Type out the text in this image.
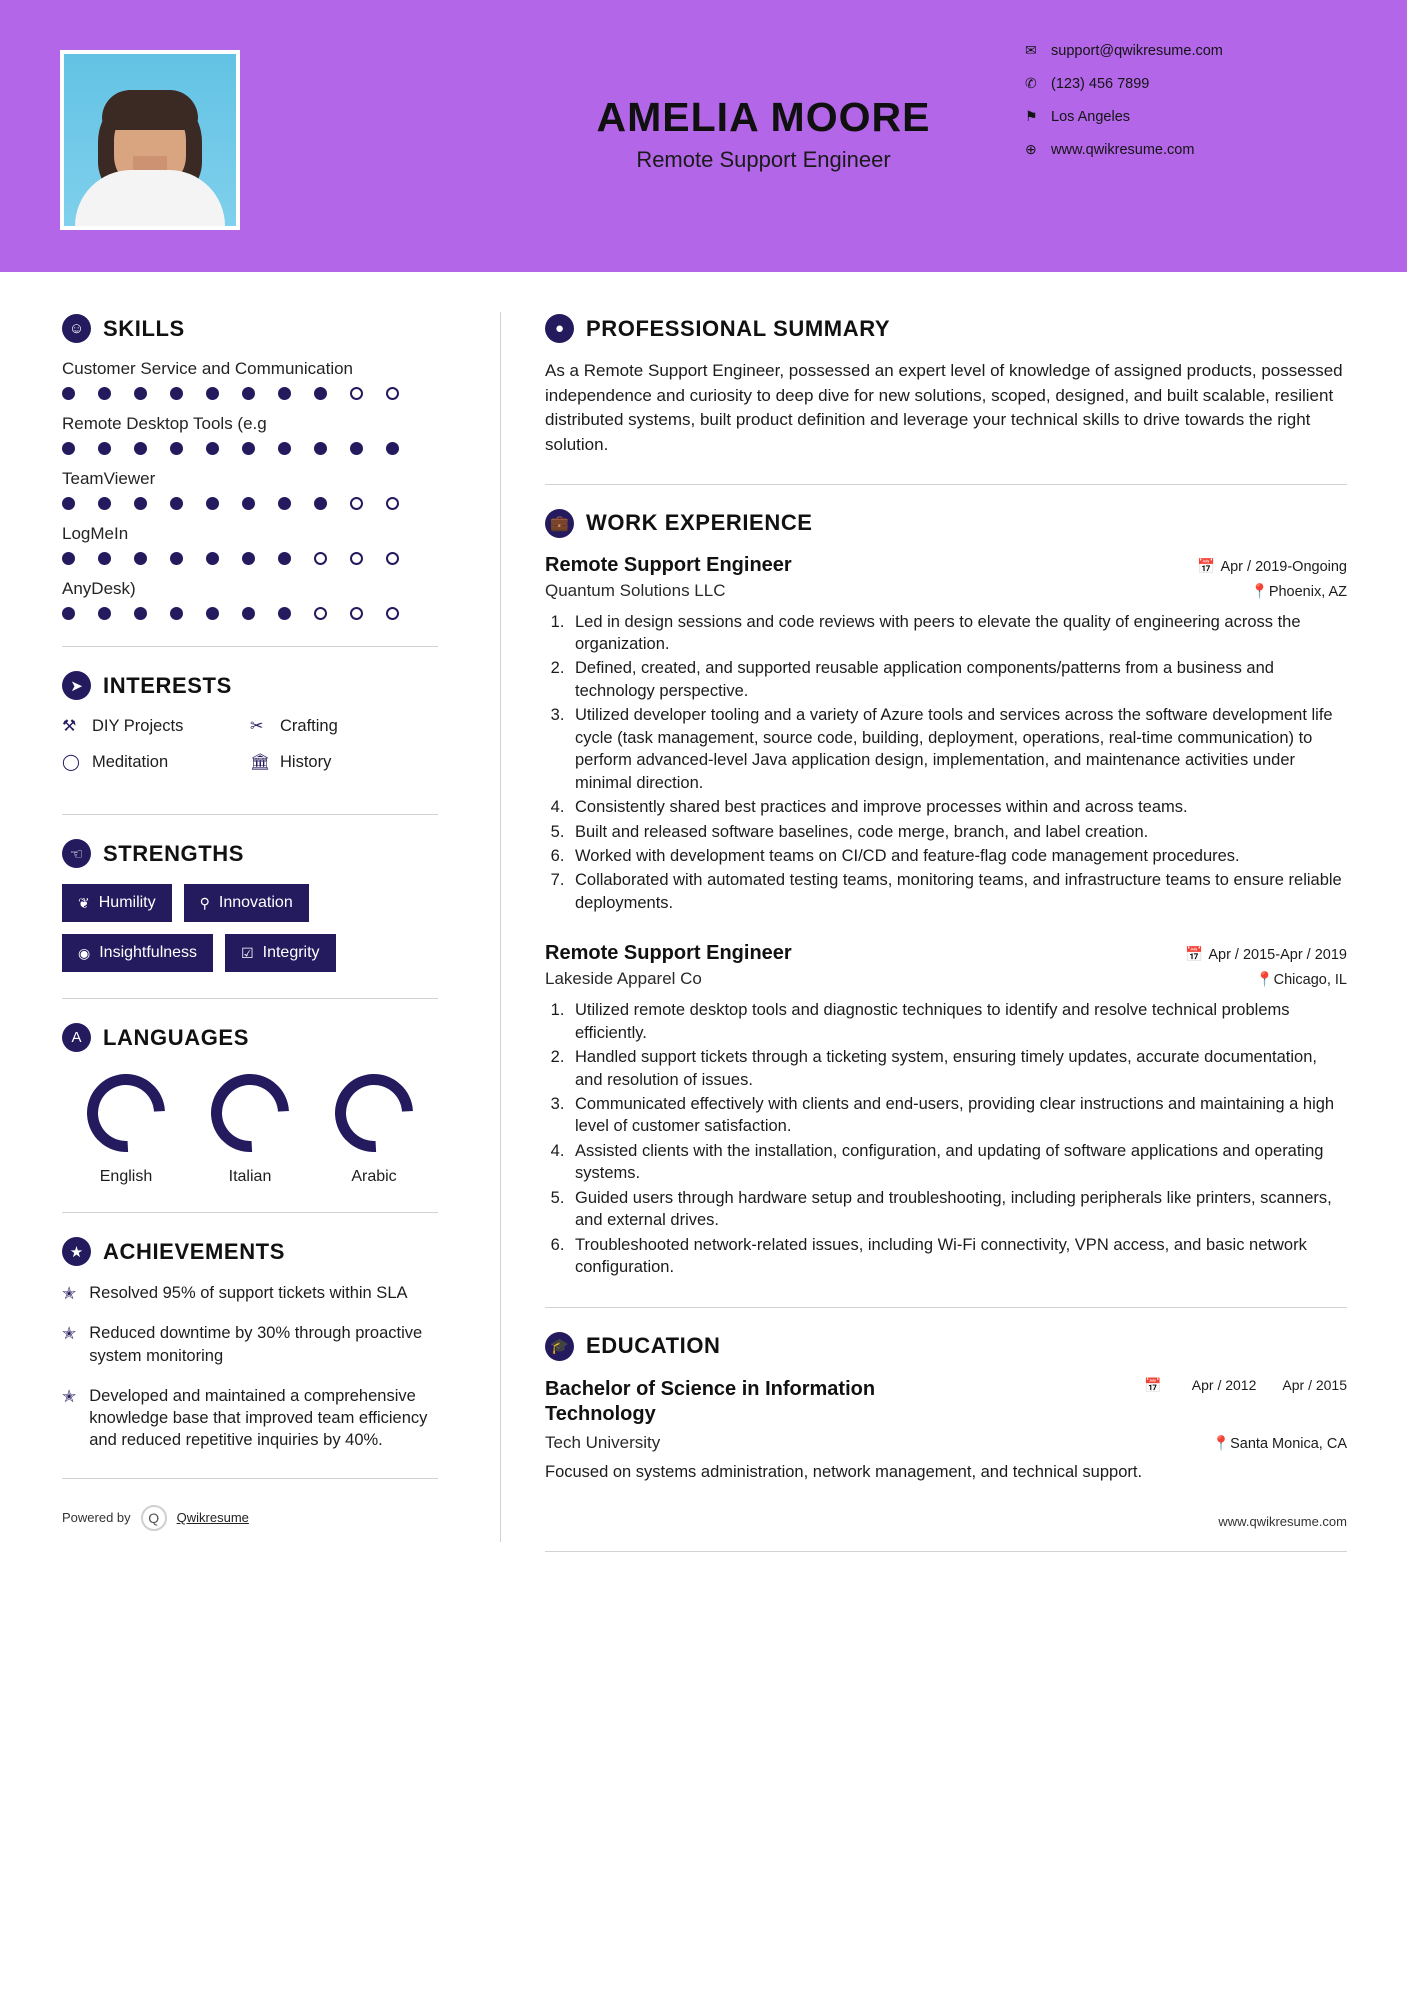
AMELIA MOORE
Remote Support Engineer
✉ support@qwikresume.com
✆ (123) 456 7899
⚑ Los Angeles
⊕ www.qwikresume.com
☺ SKILLS
Customer Service and Communication
Remote Desktop Tools (e.g
TeamViewer
LogMeIn
AnyDesk)
➤ INTERESTS
⚒ DIY Projects	✂	Crafting
◯ Meditation	🏛 History
☜ STRENGTHS
❦ Humility	⚲ Innovation
◉ Insightfulness	☑ Integrity
A LANGUAGES
English	Italian	Arabic
★ ACHIEVEMENTS
✭ Resolved 95% of support tickets within SLA
✭ Reduced downtime by 30% through proactive system monitoring
✭ Developed and maintained a comprehensive knowledge base that improved team efficiency and reduced repetitive inquiries by 40%.
Powered by	Q	Qwikresume
● PROFESSIONAL SUMMARY
As a Remote Support Engineer, possessed an expert level of knowledge of assigned products, possessed independence and curiosity to deep dive for new solutions, scoped, designed, and built scalable, resilient distributed systems, built product definition and leverage your technical skills to drive towards the right solution.
💼 WORK EXPERIENCE
Remote Support Engineer	📅 Apr / 2019-Ongoing
Quantum Solutions LLC	📍Phoenix, AZ
1. Led in design sessions and code reviews with peers to elevate the quality of engineering across the organization.
2. Defined, created, and supported reusable application components/patterns from a business and technology perspective.
3. Utilized developer tooling and a variety of Azure tools and services across the software development life cycle (task management, source code, building, deployment, operations, real-time communication) to perform advanced-level Java application design, implementation, and maintenance activities under minimal direction.
4. Consistently shared best practices and improve processes within and across teams.
5. Built and released software baselines, code merge, branch, and label creation.
6. Worked with development teams on CI/CD and feature-flag code management procedures.
7. Collaborated with automated testing teams, monitoring teams, and infrastructure teams to ensure reliable deployments.
Remote Support Engineer	📅 Apr / 2015-Apr / 2019
Lakeside Apparel Co	📍Chicago, IL
1. Utilized remote desktop tools and diagnostic techniques to identify and resolve technical problems efficiently.
2. Handled support tickets through a ticketing system, ensuring timely updates, accurate documentation, and resolution of issues.
3. Communicated effectively with clients and end-users, providing clear instructions and maintaining a high level of customer satisfaction.
4. Assisted clients with the installation, configuration, and updating of software applications and operating systems.
5. Guided users through hardware setup and troubleshooting, including peripherals like printers, scanners, and external drives.
6. Troubleshooted network-related issues, including Wi-Fi connectivity, VPN access, and basic network configuration.
🎓 EDUCATION
Bachelor of Science in Information Technology
📅 Apr / 2012 Apr / 2015
Tech University	📍Santa Monica, CA
Focused on systems administration, network management, and technical support.
www.qwikresume.com
